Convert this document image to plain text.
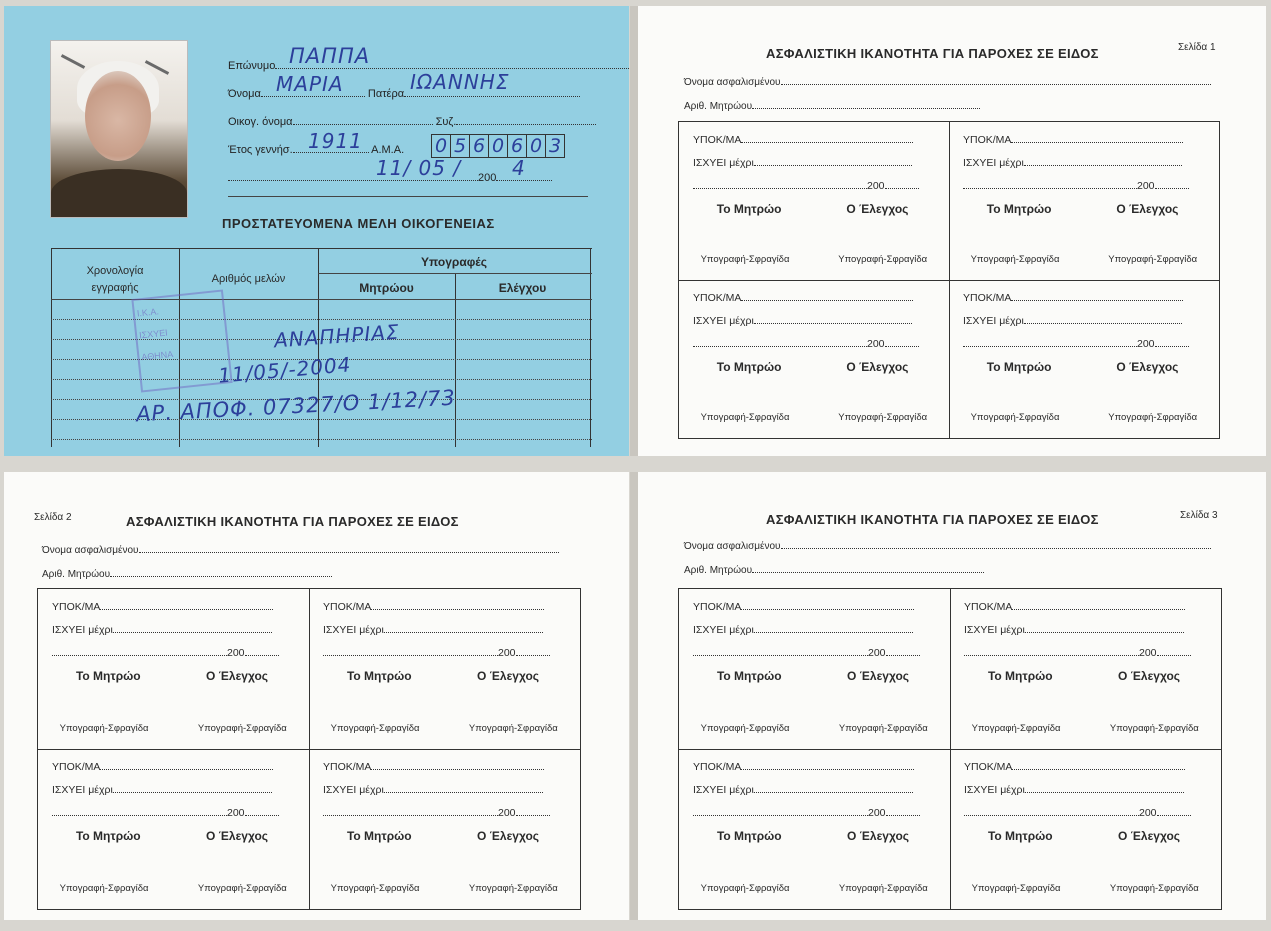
Επώνυμο ΠΑΠΠΑ
Όνομα	Πατέρα
ΜΑΡΙΑ	ΙΩΑΝΝΗΣ
Οικογ. όνομα	Συζ.
Έτος γεννήσ.	Α.Μ.Α.
1911	0 5 6 0 6 0 3
200
11/ 05 /	4
ΠΡΟΣΤΑΤΕΥΟΜΕΝΑ ΜΕΛΗ ΟΙΚΟΓΕΝΕΙΑΣ
Χρονολογία
εγγραφής
Αριθμός μελών
Υπογραφές
Μητρώου	Ελέγχου
Ι.Κ.Α.
ΙΣΧΥΕΙ
ΑΘΗΝΑ
ΑΝΑΠΗΡΙΑΣ
11/05/-2004
ΑΡ. ΑΠΟΦ. 07327/Ο 1/12/73
ΑΣΦΑΛΙΣΤΙΚΗ ΙΚΑΝΟΤΗΤΑ ΓΙΑ ΠΑΡΟΧΕΣ ΣΕ ΕΙΔΟΣ	Σελίδα 1
Όνομα ασφαλισμένου
Αριθ. Μητρώου
ΥΠΟΚ/ΜΑ
ΙΣΧΥΕΙ μέχρι
200
Το Μητρώο	Ο Έλεγχος
Υπογραφή-Σφραγίδα	Υπογραφή-Σφραγίδα
ΥΠΟΚ/ΜΑ
ΙΣΧΥΕΙ μέχρι
200
Το Μητρώο	Ο Έλεγχος
Υπογραφή-Σφραγίδα	Υπογραφή-Σφραγίδα
ΥΠΟΚ/ΜΑ
ΙΣΧΥΕΙ μέχρι
200
Το Μητρώο	Ο Έλεγχος
Υπογραφή-Σφραγίδα	Υπογραφή-Σφραγίδα
ΥΠΟΚ/ΜΑ
ΙΣΧΥΕΙ μέχρι
200
Το Μητρώο	Ο Έλεγχος
Υπογραφή-Σφραγίδα	Υπογραφή-Σφραγίδα
Σελίδα 2	ΑΣΦΑΛΙΣΤΙΚΗ ΙΚΑΝΟΤΗΤΑ ΓΙΑ ΠΑΡΟΧΕΣ ΣΕ ΕΙΔΟΣ
Όνομα ασφαλισμένου
Αριθ. Μητρώου
ΥΠΟΚ/ΜΑ
ΙΣΧΥΕΙ μέχρι
200
Το Μητρώο	Ο Έλεγχος
Υπογραφή-Σφραγίδα	Υπογραφή-Σφραγίδα
ΥΠΟΚ/ΜΑ
ΙΣΧΥΕΙ μέχρι
200
Το Μητρώο	Ο Έλεγχος
Υπογραφή-Σφραγίδα	Υπογραφή-Σφραγίδα
ΥΠΟΚ/ΜΑ
ΙΣΧΥΕΙ μέχρι
200
Το Μητρώο	Ο Έλεγχος
Υπογραφή-Σφραγίδα	Υπογραφή-Σφραγίδα
ΥΠΟΚ/ΜΑ
ΙΣΧΥΕΙ μέχρι
200
Το Μητρώο	Ο Έλεγχος
Υπογραφή-Σφραγίδα	Υπογραφή-Σφραγίδα
ΑΣΦΑΛΙΣΤΙΚΗ ΙΚΑΝΟΤΗΤΑ ΓΙΑ ΠΑΡΟΧΕΣ ΣΕ ΕΙΔΟΣ	Σελίδα 3
Όνομα ασφαλισμένου
Αριθ. Μητρώου
ΥΠΟΚ/ΜΑ
ΙΣΧΥΕΙ μέχρι
200
Το Μητρώο	Ο Έλεγχος
Υπογραφή-Σφραγίδα	Υπογραφή-Σφραγίδα
ΥΠΟΚ/ΜΑ
ΙΣΧΥΕΙ μέχρι
200
Το Μητρώο	Ο Έλεγχος
Υπογραφή-Σφραγίδα	Υπογραφή-Σφραγίδα
ΥΠΟΚ/ΜΑ
ΙΣΧΥΕΙ μέχρι
200
Το Μητρώο	Ο Έλεγχος
Υπογραφή-Σφραγίδα	Υπογραφή-Σφραγίδα
ΥΠΟΚ/ΜΑ
ΙΣΧΥΕΙ μέχρι
200
Το Μητρώο	Ο Έλεγχος
Υπογραφή-Σφραγίδα	Υπογραφή-Σφραγίδα
